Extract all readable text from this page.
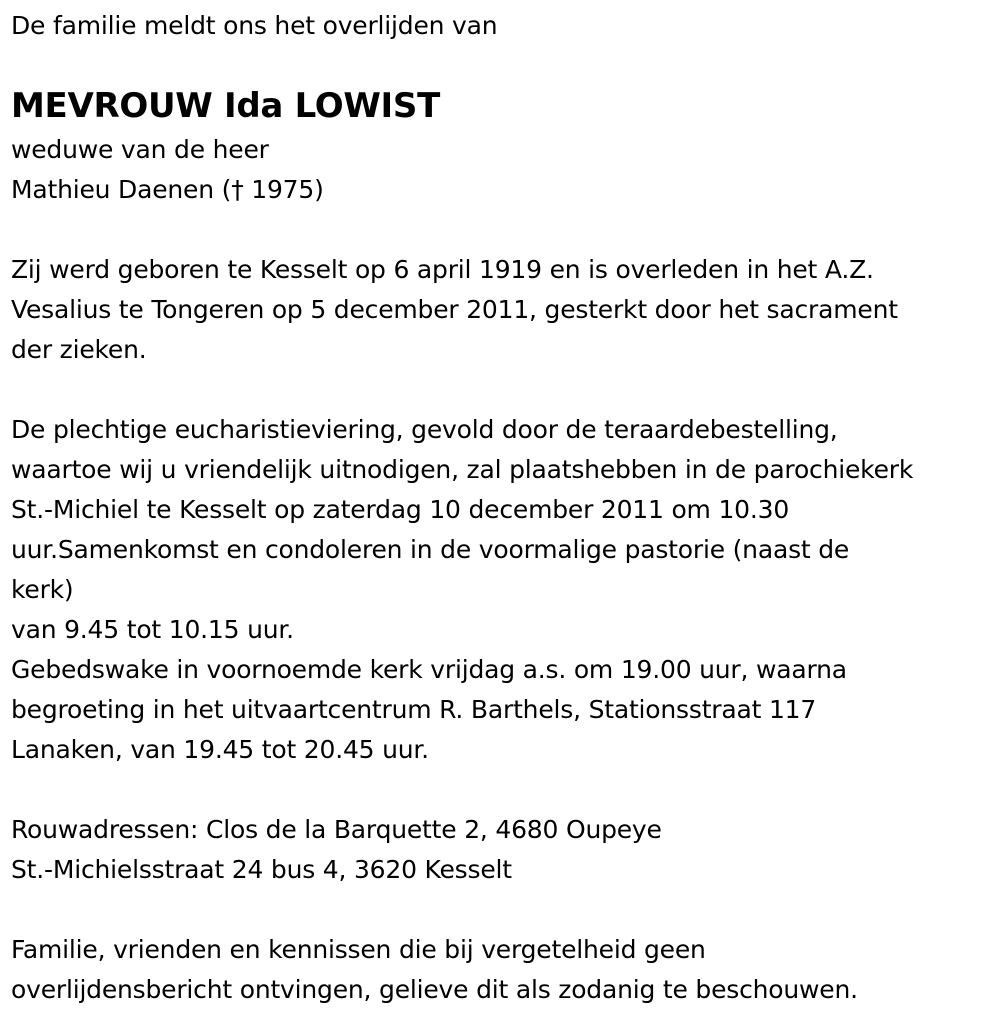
De familie meldt ons het overlijden van
MEVROUW Ida LOWIST
weduwe van de heer
Mathieu Daenen († 1975)
Zij werd geboren te Kesselt op 6 april 1919 en is overleden in het A.Z.
Vesalius te Tongeren op 5 december 2011, gesterkt door het sacrament
der zieken.
De plechtige eucharistieviering, gevold door de teraardebestelling,
waartoe wij u vriendelijk uitnodigen, zal plaatshebben in de parochiekerk
St.-Michiel te Kesselt op zaterdag 10 december 2011 om 10.30
uur.Samenkomst en condoleren in de voormalige pastorie (naast de
kerk)
van 9.45 tot 10.15 uur.
Gebedswake in voornoemde kerk vrijdag a.s. om 19.00 uur, waarna
begroeting in het uitvaartcentrum R. Barthels, Stationsstraat 117
Lanaken, van 19.45 tot 20.45 uur.
Rouwadressen: Clos de la Barquette 2, 4680 Oupeye
St.-Michielsstraat 24 bus 4, 3620 Kesselt
Familie, vrienden en kennissen die bij vergetelheid geen
overlijdensbericht ontvingen, gelieve dit als zodanig te beschouwen.
